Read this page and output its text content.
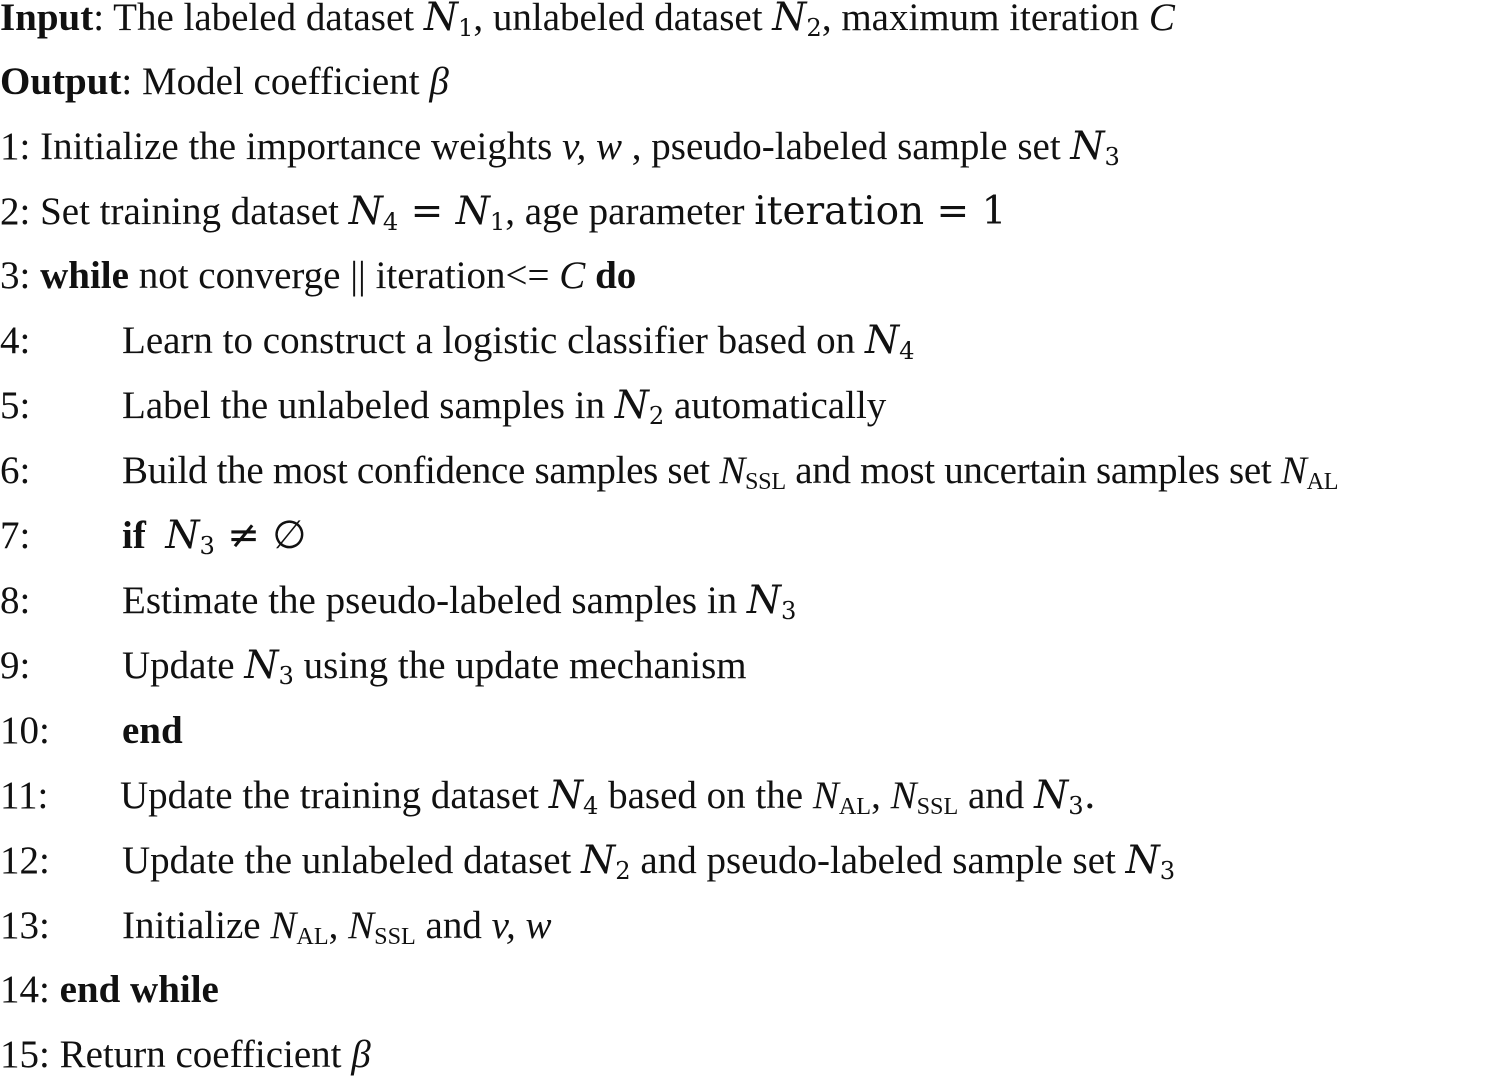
Input: The labeled dataset $N_1$, unlabeled dataset $N_2$, maximum iteration C
Output: Model coefficient β
1: Initialize the importance weights v, w , pseudo-labeled sample set $N_3$
2: Set training dataset $N_4 = N_1$, age parameter iteration = 1
3: while not converge || iteration<= C do
4: Learn to construct a logistic classifier based on $N_4$
5: Label the unlabeled samples in $N_2$ automatically
6: Build the most confidence samples set $N_{SSL}$ and most uncertain samples set $N_{AL}$
7: if $N_3$ ≠ ∅
8: Estimate the pseudo-labeled samples in $N_3$
9: Update $N_3$ using the update mechanism
10: end
11: Update the training dataset $N_4$ based on the $N_{AL}$, $N_{SSL}$ and $N_3$.
12: Update the unlabeled dataset $N_2$ and pseudo-labeled sample set $N_3$
13: Initialize $N_{AL}$, $N_{SSL}$ and v, w
14: end while
15: Return coefficient β
